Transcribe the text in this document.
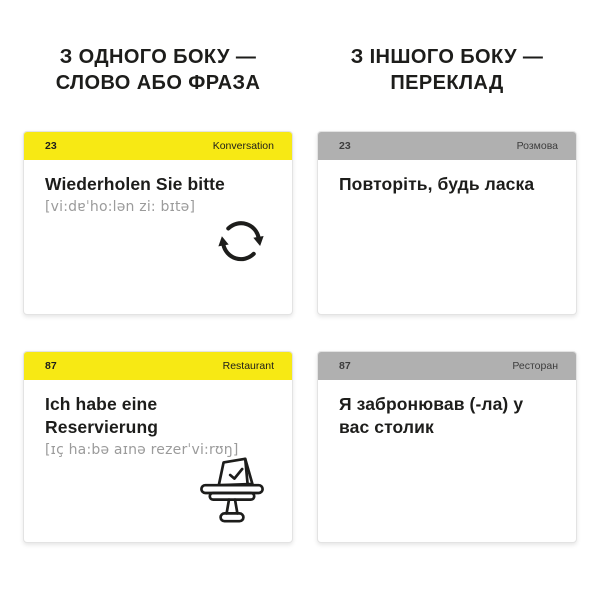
З ОДНОГО БОКУ —
СЛОВО АБО ФРАЗА
З ІНШОГО БОКУ —
ПЕРЕКЛАД
23	Konversation
Wiederholen Sie bitte
[vi:dɐˈho:lən zi: bɪtə]
23	Розмова
Повторіть, будь ласка
87	Restaurant
Ich habe eine Reservierung
[ɪç ha:bə aɪnə rezerˈvi:rʊŋ]
87	Ресторан
Я забронював (-ла) у вас столик
